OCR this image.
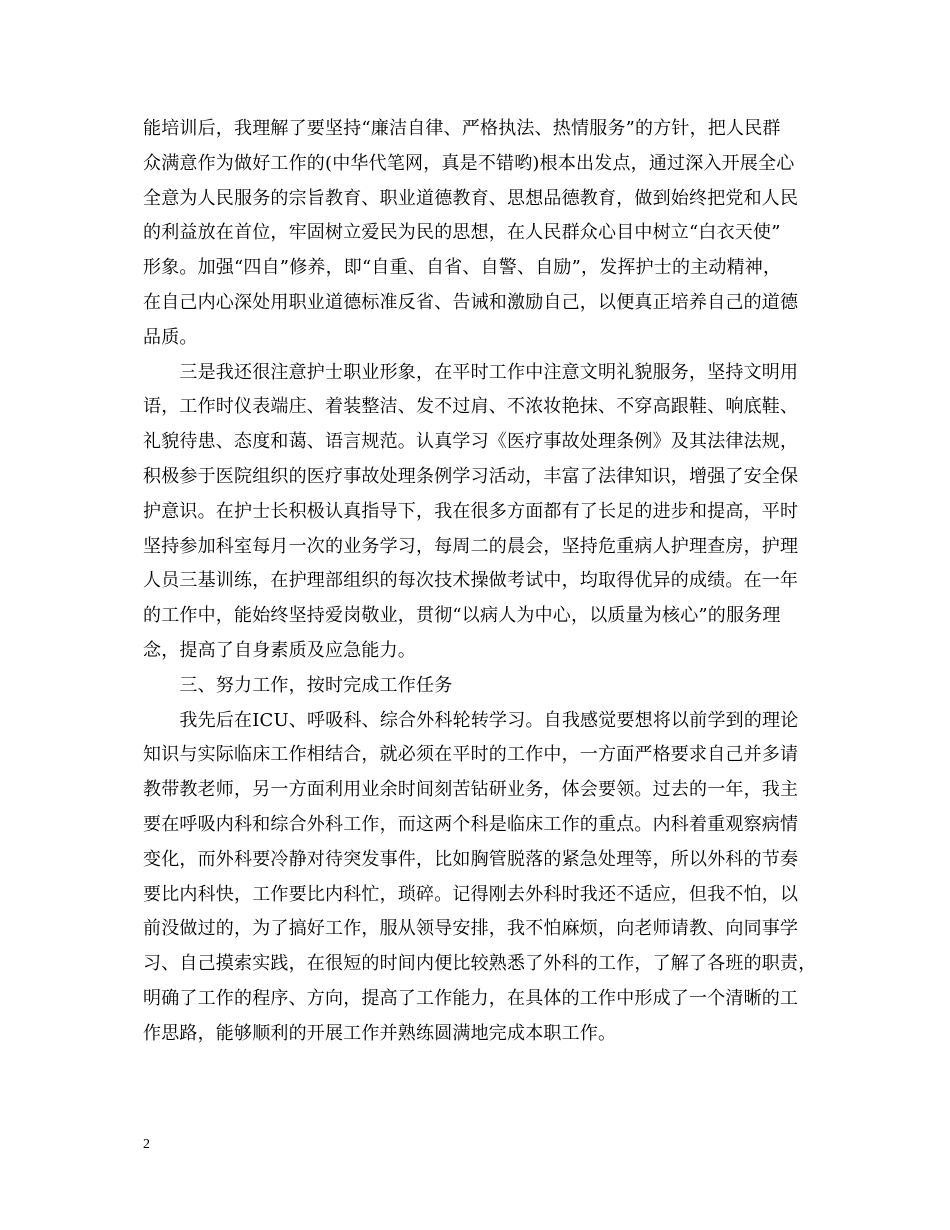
能培训后，我理解了要坚持“廉洁自律、严格执法、热情服务”的方针，把人民群
众满意作为做好工作的(中华代笔网，真是不错哟)根本出发点，通过深入开展全心
全意为人民服务的宗旨教育、职业道德教育、思想品德教育，做到始终把党和人民
的利益放在首位，牢固树立爱民为民的思想，在人民群众心目中树立“白衣天使”
形象。加强“四自”修养，即“自重、自省、自警、自励”，发挥护士的主动精神，
在自己内心深处用职业道德标准反省、告诫和激励自己，以便真正培养自己的道德
品质。
　　三是我还很注意护士职业形象，在平时工作中注意文明礼貌服务，坚持文明用
语，工作时仪表端庄、着装整洁、发不过肩、不浓妆艳抹、不穿高跟鞋、响底鞋、
礼貌待患、态度和蔼、语言规范。认真学习《医疗事故处理条例》及其法律法规，
积极参于医院组织的医疗事故处理条例学习活动，丰富了法律知识，增强了安全保
护意识。在护士长积极认真指导下，我在很多方面都有了长足的进步和提高，平时
坚持参加科室每月一次的业务学习，每周二的晨会，坚持危重病人护理查房，护理
人员三基训练，在护理部组织的每次技术操做考试中，均取得优异的成绩。在一年
的工作中，能始终坚持爱岗敬业，贯彻“以病人为中心，以质量为核心”的服务理
念，提高了自身素质及应急能力。
　　三、努力工作，按时完成工作任务
　　我先后在ICU、呼吸科、综合外科轮转学习。自我感觉要想将以前学到的理论
知识与实际临床工作相结合，就必须在平时的工作中，一方面严格要求自己并多请
教带教老师，另一方面利用业余时间刻苦钻研业务，体会要领。过去的一年，我主
要在呼吸内科和综合外科工作，而这两个科是临床工作的重点。内科着重观察病情
变化，而外科要冷静对待突发事件，比如胸管脱落的紧急处理等，所以外科的节奏
要比内科快，工作要比内科忙，琐碎。记得刚去外科时我还不适应，但我不怕，以
前没做过的，为了搞好工作，服从领导安排，我不怕麻烦，向老师请教、向同事学
习、自己摸索实践，在很短的时间内便比较熟悉了外科的工作，了解了各班的职责，
明确了工作的程序、方向，提高了工作能力，在具体的工作中形成了一个清晰的工
作思路，能够顺利的开展工作并熟练圆满地完成本职工作。
2
